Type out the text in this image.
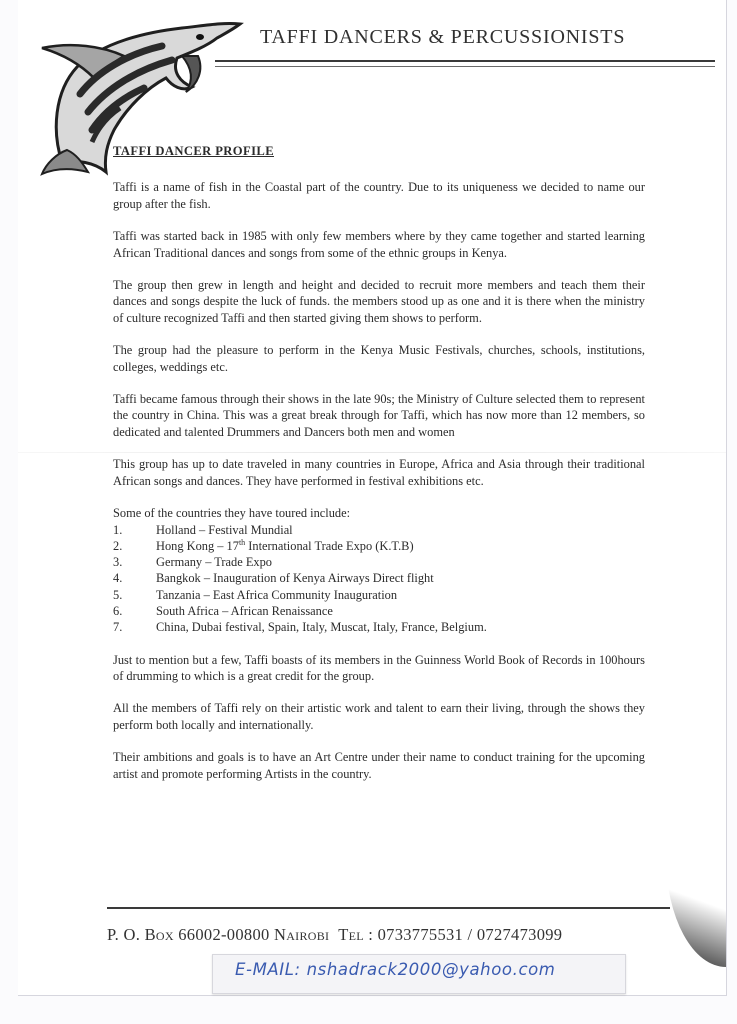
TAFFI DANCERS & PERCUSSIONISTS

TAFFI DANCER PROFILE

Taffi is a name of fish in the Coastal part of the country. Due to its uniqueness we decided to name our group after the fish.

Taffi was started back in 1985 with only few members where by they came together and started learning African Traditional dances and songs from some of the ethnic groups in Kenya.

The group then grew in length and height and decided to recruit more members and teach them their dances and songs despite the luck of funds. the members stood up as one and it is there when the ministry of culture recognized Taffi and then started giving them shows to perform.

The group had the pleasure to perform in the Kenya Music Festivals, churches, schools, institutions, colleges, weddings etc.

Taffi became famous through their shows in the late 90s; the Ministry of Culture selected them to represent the country in China. This was a great break through for Taffi, which has now more than 12 members, so dedicated and talented Drummers and Dancers both men and women

This group has up to date traveled in many countries in Europe, Africa and Asia through their traditional African songs and dances. They have performed in festival exhibitions etc.

Some of the countries they have toured include:

1.	Holland – Festival Mundial
2.	Hong Kong – 17th International Trade Expo (K.T.B)
3.	Germany – Trade Expo
4.	Bangkok – Inauguration of Kenya Airways Direct flight
5.	Tanzania – East Africa Community Inauguration
6.	South Africa – African Renaissance
7.	China, Dubai festival, Spain, Italy, Muscat, Italy, France, Belgium.

Just to mention but a few, Taffi boasts of its members in the Guinness World Book of Records in 100hours of drumming to which is a great credit for the group.

All the members of Taffi rely on their artistic work and talent to earn their living, through the shows they perform both locally and internationally.

Their ambitions and goals is to have an Art Centre under their name to conduct training for the upcoming artist and promote performing Artists in the country.

P. O. Box 66002-00800 Nairobi Tel : 0733775531 / 0727473099
E-MAIL: nshadrack2000@yahoo.com
